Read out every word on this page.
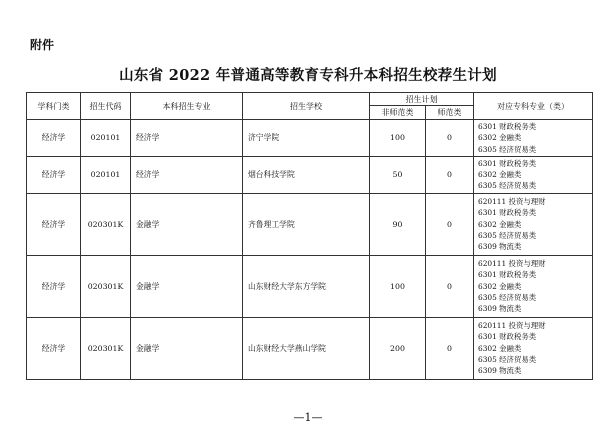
附件
山东省 2022 年普通高等教育专科升本科招生校荐生计划
学科门类	招生代码	本科招生专业	招生学校	招生计划		对应专科专业（类）
				非师范类	师范类	
经济学	020101	经济学	济宁学院	100	0	6301 财政税务类
6302 金融类
6305 经济贸易类

经济学	020101	经济学	烟台科技学院	50	0	6301 财政税务类
6302 金融类
6305 经济贸易类

经济学	020301K	金融学	齐鲁理工学院	90	0	620111 投资与理财
6301 财政税务类
6302 金融类
6305 经济贸易类
6309 物流类

经济学	020301K	金融学	山东财经大学东方学院	100	0	620111 投资与理财
6301 财政税务类
6302 金融类
6305 经济贸易类
6309 物流类

经济学	020301K	金融学	山东财经大学燕山学院	200	0	620111 投资与理财
6301 财政税务类
6302 金融类
6305 经济贸易类
6309 物流类
—1—
